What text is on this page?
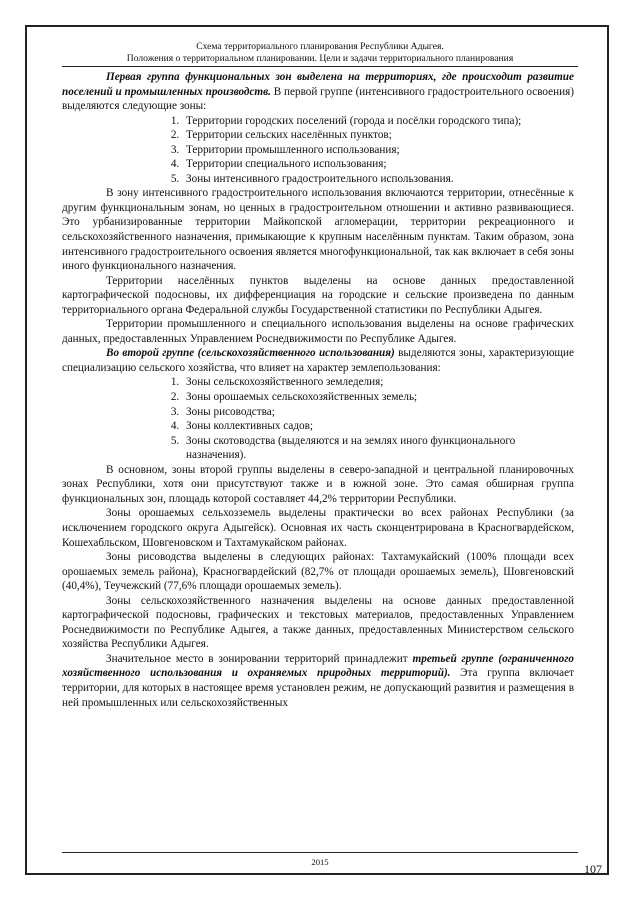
Схема территориального планирования Республики Адыгея.
Положения о территориальном планировании. Цели и задачи территориального планирования

Первая группа функциональных зон выделена на территориях, где происходит развитие поселений и промышленных производств. В первой группе (интенсивного градостроительного освоения) выделяются следующие зоны:

1. Территории городских поселений (города и посёлки городского типа);
2. Территории сельских населённых пунктов;
3. Территории промышленного использования;
4. Территории специального использования;
5. Зоны интенсивного градостроительного использования.

В зону интенсивного градостроительного использования включаются территории, отнесённые к другим функциональным зонам, но ценных в градостроительном отношении и активно развивающиеся. Это урбанизированные территории Майкопской агломерации, территории рекреационного и сельскохозяйственного назначения, примыкающие к крупным населённым пунктам. Таким образом, зона интенсивного градостроительного освоения является многофункциональной, так как включает в себя зоны иного функционального назначения.

Территории населённых пунктов выделены на основе данных предоставленной картографической подосновы, их дифференциация на городские и сельские произведена по данным территориального органа Федеральной службы Государственной статистики по Республики Адыгея.

Территории промышленного и специального использования выделены на основе графических данных, предоставленных Управлением Роснедвижимости по Республике Адыгея.

Во второй группе (сельскохозяйственного использования) выделяются зоны, характеризующие специализацию сельского хозяйства, что влияет на характер землепользования:

1. Зоны сельскохозяйственного земледелия;
2. Зоны орошаемых сельскохозяйственных земель;
3. Зоны рисоводства;
4. Зоны коллективных садов;
5. Зоны скотоводства (выделяются и на землях иного функционального назначения).

В основном, зоны второй группы выделены в северо-западной и центральной планировочных зонах Республики, хотя они присутствуют также и в южной зоне. Это самая обширная группа функциональных зон, площадь которой составляет 44,2% территории Республики.

Зоны орошаемых сельхоззeмель выделены практически во всех районах Республики (за исключением городского округа Адыгейск). Основная их часть сконцентрирована в Красногвардейском, Кошехабльском, Шовгеновском и Тахтамукайском районах.

Зоны рисоводства выделены в следующих районах: Тахтамукайский (100% площади всех орошаемых земель района), Красногвардейский (82,7% от площади орошаемых земель), Шовгеновский (40,4%), Теучежский (77,6% площади орошаемых земель).

Зоны сельскохозяйственного назначения выделены на основе данных предоставленной картографической подосновы, графических и текстовых материалов, предоставленных Управлением Роснедвижимости по Республике Адыгея, а также данных, предоставленных Министерством сельского хозяйства Республики Адыгея.

Значительное место в зонировании территорий принадлежит третьей группе (ограниченного хозяйственного использования и охраняемых природных территорий). Эта группа включает территории, для которых в настоящее время установлен режим, не допускающий развития и размещения в ней промышленных или сельскохозяйственных

2015	107
